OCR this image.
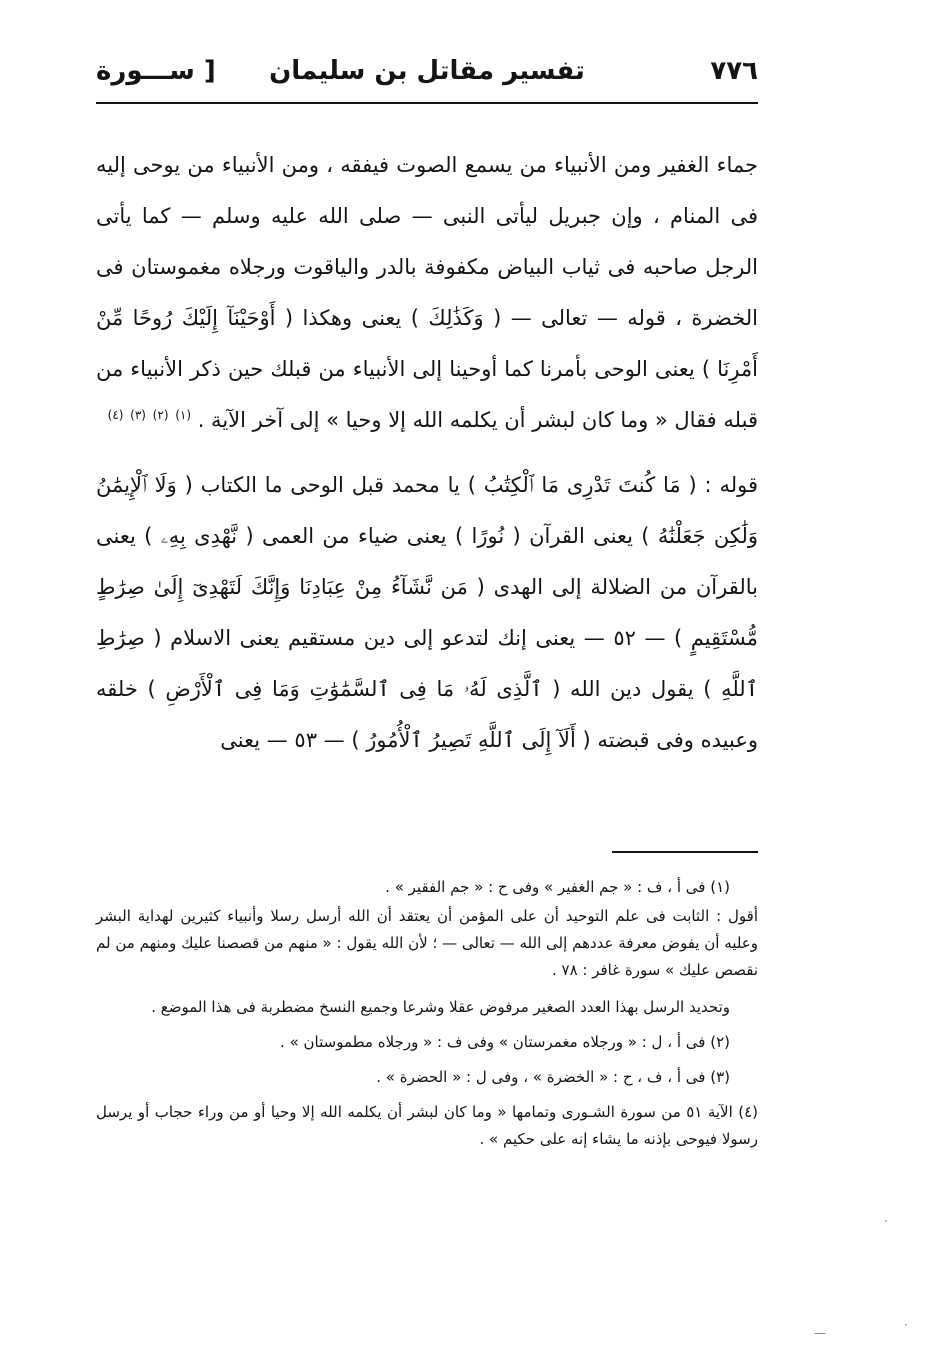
٧٧٦
تفسير مقاتل بن سليمان
[ ســـورة

جماء الغفير ومن الأنبياء من يسمع الصوت فيفقه ، ومن الأنبياء من يوحى إليه فى المنام ، وإن جبريل ليأتى النبى — صلى الله عليه وسلم — كما يأتى الرجل صاحبه فى ثياب البياض مكفوفة بالدر والياقوت ورجلاه مغموستان فى الخضرة ، قوله — تعالى — ( وَكَذَٰلِكَ ) يعنى وهكذا ( أَوْحَيْنَآ إِلَيْكَ رُوحًا مِّنْ أَمْرِنَا ) يعنى الوحى بأمرنا كما أوحينا إلى الأنبياء من قبلك حين ذكر الأنبياء من قبله فقال « وما كان لبشر أن يكلمه الله إلا وحيا » إلى آخر الآية . $^{(١)}$ $^{(٢)}$ $^{(٣)}$ $^{(٤)}$

قوله : ( مَا كُنتَ تَدْرِى مَا ٱلْكِتَٰبُ ) يا محمد قبل الوحى ما الكتاب ( وَلَا ٱلْإِيمَٰنُ وَلَٰكِن جَعَلْنَٰهُ ) يعنى القرآن ( نُورًا ) يعنى ضياء من العمى ( نَّهْدِى بِهِۦ ) يعنى بالقرآن من الضلالة إلى الهدى ( مَن نَّشَآءُ مِنْ عِبَادِنَا وَإِنَّكَ لَتَهْدِىٓ إِلَىٰ صِرَٰطٍ مُّسْتَقِيمٍ ) — ٥٢ — يعنى إنك لتدعو إلى دين مستقيم يعنى الاسلام ( صِرَٰطِ ٱللَّهِ ) يقول دين الله ( ٱلَّذِى لَهُۥ مَا فِى ٱلسَّمَٰوَٰتِ وَمَا فِى ٱلْأَرْضِ ) خلقه وعبيده وفى قبضته ( أَلَآ إِلَى ٱللَّهِ تَصِيرُ ٱلْأُمُورُ ) — ٥٣ — يعنى

(١) فى أ ، ف : « جم الغفير » وفى ح : « جم الفقير » .

أقول : الثابت فى علم التوحيد أن على المؤمن أن يعتقد أن الله أرسل رسلا وأنبياء كثيرين لهداية البشر وعليه أن يفوض معرفة عددهم إلى الله — تعالى — ؛ لأن الله يقول : « منهم من قصصنا عليك ومنهم من لم نقصص عليك » سورة غافر : ٧٨ .

وتحديد الرسل بهذا العدد الصغير مرفوض عقلا وشرعا وجميع النسخ مضطربة فى هذا الموضع .

(٢) فى أ ، ل : « ورجلاه مغمرستان » وفى ف : « ورجلاه مطموستان » .

(٣) فى أ ، ف ، ح : « الخضرة » ، وفى ل : « الحضرة » .

(٤) الآية ٥١ من سورة الشـورى وتمامها « وما كان لبشر أن يكلمه الله إلا وحيا أو من وراء حجاب أو يرسل رسولا فيوحى بإذنه ما يشاء إنه على حكيم » .

·
—
·
